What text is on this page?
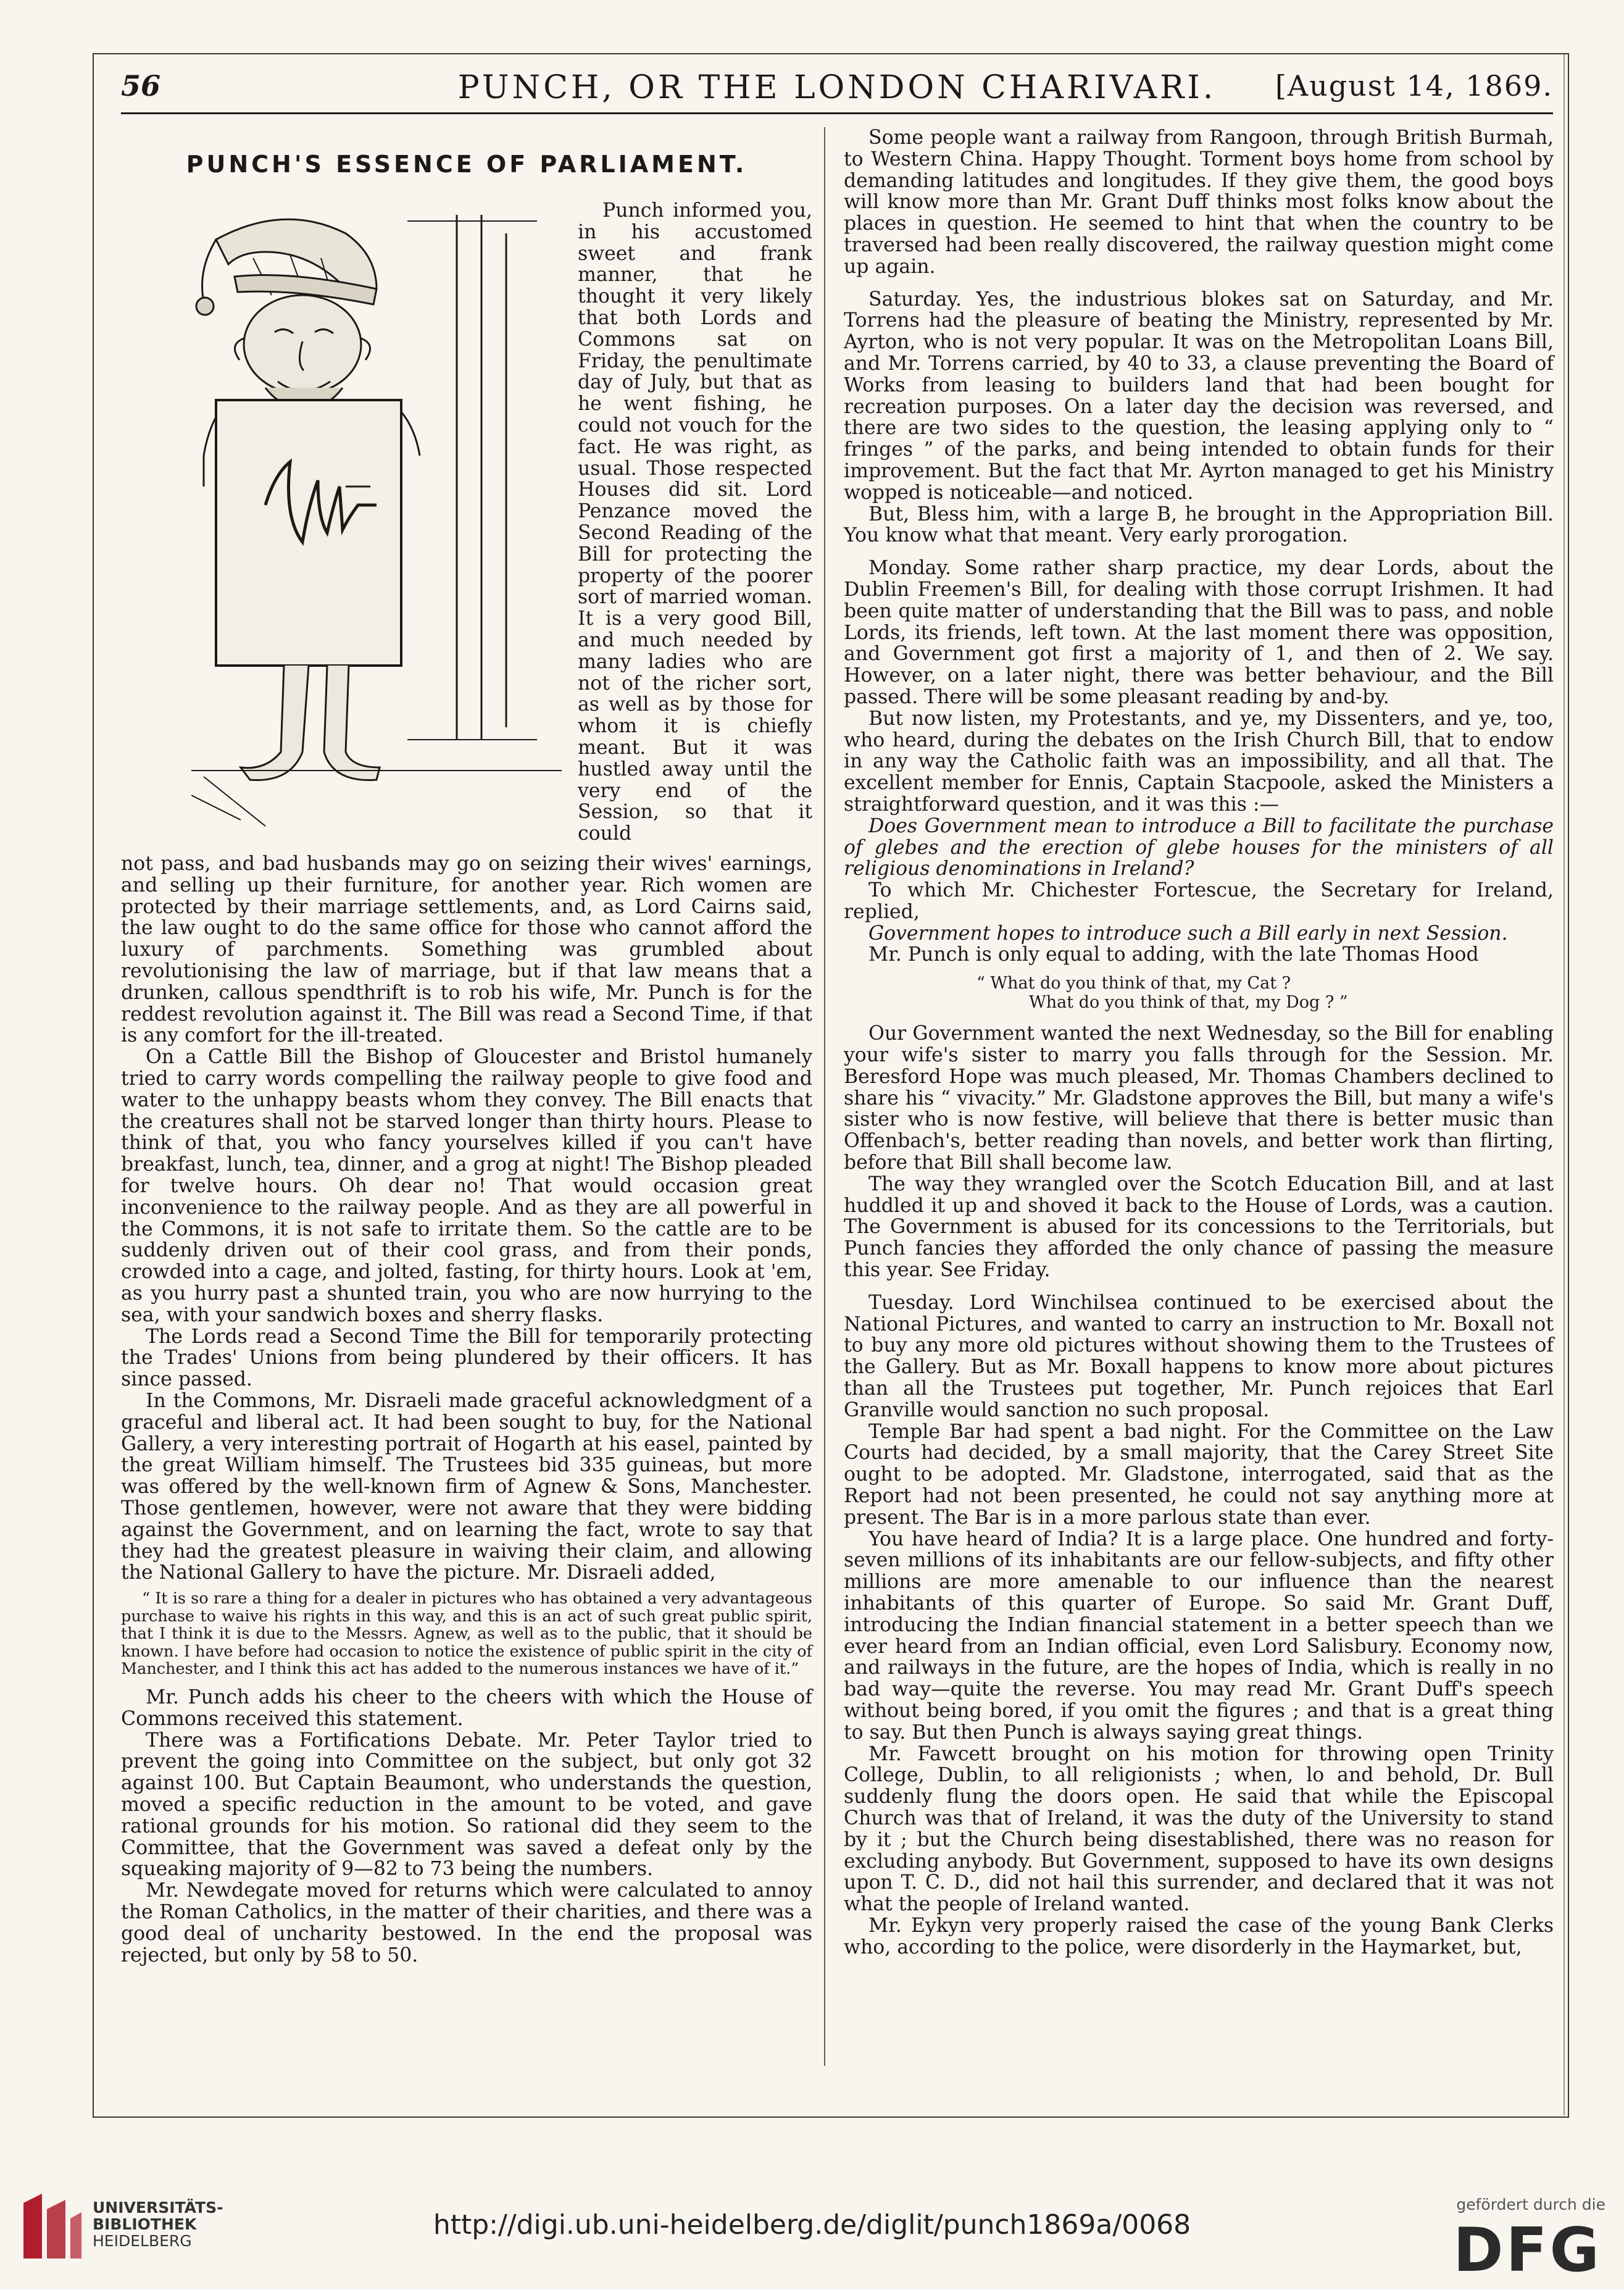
56	PUNCH, OR THE LONDON CHARIVARI.	[August 14, 1869.
PUNCH'S ESSENCE OF PARLIAMENT.

Punch informed you, in his accustomed sweet and frank manner, that he thought it very likely that both Lords and Commons sat on Friday, the penultimate day of July, but that as he went fishing, he could not vouch for the fact. He was right, as usual. Those respected Houses did sit. Lord Penzance moved the Second Reading of the Bill for protecting the property of the poorer sort of married woman. It is a very good Bill, and much needed by many ladies who are not of the richer sort, as well as by those for whom it is chiefly meant. But it was hustled away until the very end of the Session, so that it could

not pass, and bad husbands may go on seizing their wives' earnings, and selling up their furniture, for another year. Rich women are protected by their marriage settlements, and, as Lord Cairns said, the law ought to do the same office for those who cannot afford the luxury of parchments. Something was grumbled about revolutionising the law of marriage, but if that law means that a drunken, callous spendthrift is to rob his wife, Mr. Punch is for the reddest revolution against it. The Bill was read a Second Time, if that is any comfort for the ill-treated.

On a Cattle Bill the Bishop of Gloucester and Bristol humanely tried to carry words compelling the railway people to give food and water to the unhappy beasts whom they convey. The Bill enacts that the creatures shall not be starved longer than thirty hours. Please to think of that, you who fancy yourselves killed if you can't have breakfast, lunch, tea, dinner, and a grog at night! The Bishop pleaded for twelve hours. Oh dear no! That would occasion great inconvenience to the railway people. And as they are all powerful in the Commons, it is not safe to irritate them. So the cattle are to be suddenly driven out of their cool grass, and from their ponds, crowded into a cage, and jolted, fasting, for thirty hours. Look at 'em, as you hurry past a shunted train, you who are now hurrying to the sea, with your sandwich boxes and sherry flasks.

The Lords read a Second Time the Bill for temporarily protecting the Trades' Unions from being plundered by their officers. It has since passed.

In the Commons, Mr. Disraeli made graceful acknowledgment of a graceful and liberal act. It had been sought to buy, for the National Gallery, a very interesting portrait of Hogarth at his easel, painted by the great William himself. The Trustees bid 335 guineas, but more was offered by the well-known firm of Agnew & Sons, Manchester. Those gentlemen, however, were not aware that they were bidding against the Government, and on learning the fact, wrote to say that they had the greatest pleasure in waiving their claim, and allowing the National Gallery to have the picture. Mr. Disraeli added,

“ It is so rare a thing for a dealer in pictures who has obtained a very advantageous purchase to waive his rights in this way, and this is an act of such great public spirit, that I think it is due to the Messrs. Agnew, as well as to the public, that it should be known. I have before had occasion to notice the existence of public spirit in the city of Manchester, and I think this act has added to the numerous instances we have of it.”

Mr. Punch adds his cheer to the cheers with which the House of Commons received this statement.

There was a Fortifications Debate. Mr. Peter Taylor tried to prevent the going into Committee on the subject, but only got 32 against 100. But Captain Beaumont, who understands the question, moved a specific reduction in the amount to be voted, and gave rational grounds for his motion. So rational did they seem to the Committee, that the Government was saved a defeat only by the squeaking majority of 9—82 to 73 being the numbers.

Mr. Newdegate moved for returns which were calculated to annoy the Roman Catholics, in the matter of their charities, and there was a good deal of uncharity bestowed. In the end the proposal was rejected, but only by 58 to 50.

Some people want a railway from Rangoon, through British Burmah, to Western China. Happy Thought. Torment boys home from school by demanding latitudes and longitudes. If they give them, the good boys will know more than Mr. Grant Duff thinks most folks know about the places in question. He seemed to hint that when the country to be traversed had been really discovered, the railway question might come up again.

Saturday. Yes, the industrious blokes sat on Saturday, and Mr. Torrens had the pleasure of beating the Ministry, represented by Mr. Ayrton, who is not very popular. It was on the Metropolitan Loans Bill, and Mr. Torrens carried, by 40 to 33, a clause preventing the Board of Works from leasing to builders land that had been bought for recreation purposes. On a later day the decision was reversed, and there are two sides to the question, the leasing applying only to “ fringes ” of the parks, and being intended to obtain funds for their improvement. But the fact that Mr. Ayrton managed to get his Ministry wopped is noticeable—and noticed.

But, Bless him, with a large B, he brought in the Appropriation Bill. You know what that meant. Very early prorogation.

Monday. Some rather sharp practice, my dear Lords, about the Dublin Freemen's Bill, for dealing with those corrupt Irishmen. It had been quite matter of understanding that the Bill was to pass, and noble Lords, its friends, left town. At the last moment there was opposition, and Government got first a majority of 1, and then of 2. We say. However, on a later night, there was better behaviour, and the Bill passed. There will be some pleasant reading by and-by.

But now listen, my Protestants, and ye, my Dissenters, and ye, too, who heard, during the debates on the Irish Church Bill, that to endow in any way the Catholic faith was an impossibility, and all that. The excellent member for Ennis, Captain Stacpoole, asked the Ministers a straightforward question, and it was this :—

Does Government mean to introduce a Bill to facilitate the purchase of glebes and the erection of glebe houses for the ministers of all religious denominations in Ireland?

To which Mr. Chichester Fortescue, the Secretary for Ireland, replied,

Government hopes to introduce such a Bill early in next Session.

Mr. Punch is only equal to adding, with the late Thomas Hood

“ What do you think of that, my Cat ?
What do you think of that, my Dog ? ”

Our Government wanted the next Wednesday, so the Bill for enabling your wife's sister to marry you falls through for the Session. Mr. Beresford Hope was much pleased, Mr. Thomas Chambers declined to share his “ vivacity.” Mr. Gladstone approves the Bill, but many a wife's sister who is now festive, will believe that there is better music than Offenbach's, better reading than novels, and better work than flirting, before that Bill shall become law.

The way they wrangled over the Scotch Education Bill, and at last huddled it up and shoved it back to the House of Lords, was a caution. The Government is abused for its concessions to the Territorials, but Punch fancies they afforded the only chance of passing the measure this year. See Friday.

Tuesday. Lord Winchilsea continued to be exercised about the National Pictures, and wanted to carry an instruction to Mr. Boxall not to buy any more old pictures without showing them to the Trustees of the Gallery. But as Mr. Boxall happens to know more about pictures than all the Trustees put together, Mr. Punch rejoices that Earl Granville would sanction no such proposal.

Temple Bar had spent a bad night. For the Committee on the Law Courts had decided, by a small majority, that the Carey Street Site ought to be adopted. Mr. Gladstone, interrogated, said that as the Report had not been presented, he could not say anything more at present. The Bar is in a more parlous state than ever.

You have heard of India? It is a large place. One hundred and forty-seven millions of its inhabitants are our fellow-subjects, and fifty other millions are more amenable to our influence than the nearest inhabitants of this quarter of Europe. So said Mr. Grant Duff, introducing the Indian financial statement in a better speech than we ever heard from an Indian official, even Lord Salisbury. Economy now, and railways in the future, are the hopes of India, which is really in no bad way—quite the reverse. You may read Mr. Grant Duff's speech without being bored, if you omit the figures ; and that is a great thing to say. But then Punch is always saying great things.

Mr. Fawcett brought on his motion for throwing open Trinity College, Dublin, to all religionists ; when, lo and behold, Dr. Bull suddenly flung the doors open. He said that while the Episcopal Church was that of Ireland, it was the duty of the University to stand by it ; but the Church being disestablished, there was no reason for excluding anybody. But Government, supposed to have its own designs upon T. C. D., did not hail this surrender, and declared that it was not what the people of Ireland wanted.

Mr. Eykyn very properly raised the case of the young Bank Clerks who, according to the police, were disorderly in the Haymarket, but,

UNIVERSITÄTS-
BIBLIOTHEK
HEIDELBERG
http://digi.ub.uni-heidelberg.de/diglit/punch1869a/0068
gefördert durch die
DFG
